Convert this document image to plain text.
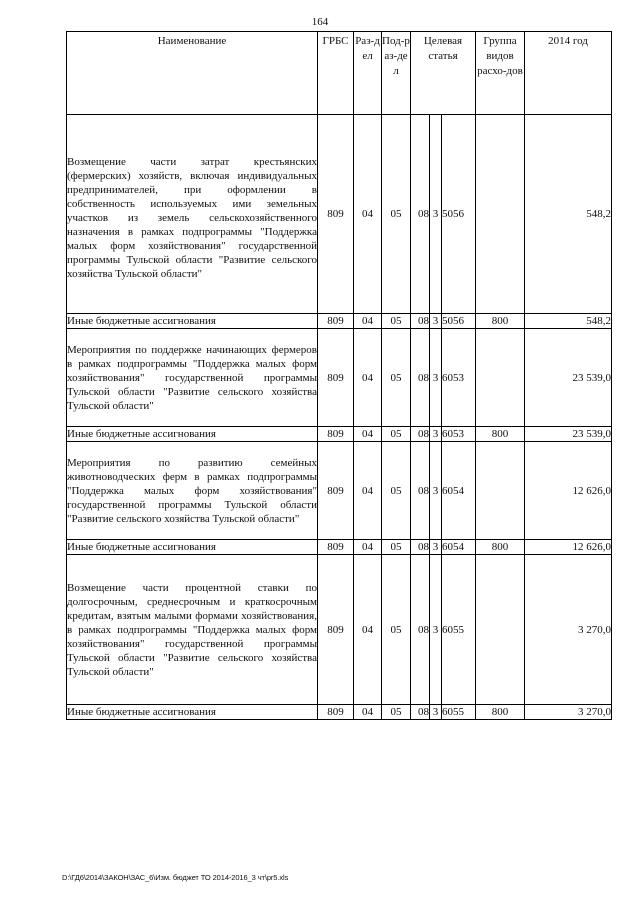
164
Наименование	ГРБС	Раз-дел	Под-раз-дел	Целевая статья			Группа видов расхо-дов	2014 год
Возмещение части затрат крестьянских (фермерских) хозяйств, включая индивидуальных предпринимателей, при оформлении в собственность используемых ими земельных участков из земель сельскохозяйственного назначения в рамках подпрограммы "Поддержка малых форм хозяйствования" государственной программы Тульской области "Развитие сельского хозяйства Тульской области"	809	04	05	08	3	5056		548,2
Иные бюджетные ассигнования	809	04	05	08	3	5056	800	548,2
Мероприятия по поддержке начинающих фермеров в рамках подпрограммы "Поддержка малых форм хозяйствования" государственной программы Тульской области "Развитие сельского хозяйства Тульской области"	809	04	05	08	3	6053		23 539,0
Иные бюджетные ассигнования	809	04	05	08	3	6053	800	23 539,0
Мероприятия по развитию семейных животноводческих ферм в рамках подпрограммы "Поддержка малых форм хозяйствования" государственной программы Тульской области "Развитие сельского хозяйства Тульской области"	809	04	05	08	3	6054		12 626,0
Иные бюджетные ассигнования	809	04	05	08	3	6054	800	12 626,0
Возмещение части процентной ставки по долгосрочным, среднесрочным и краткосрочным кредитам, взятым малыми формами хозяйствования, в рамках подпрограммы "Поддержка малых форм хозяйствования" государственной программы Тульской области "Развитие сельского хозяйства Тульской области"	809	04	05	08	3	6055		3 270,0
Иные бюджетные ассигнования	809	04	05	08	3	6055	800	3 270,0
D:\ГД6\2014\ЗАКОН\ЗАС_6\Изм. бюджет ТО 2014-2016_3 чт\pr5.xls
